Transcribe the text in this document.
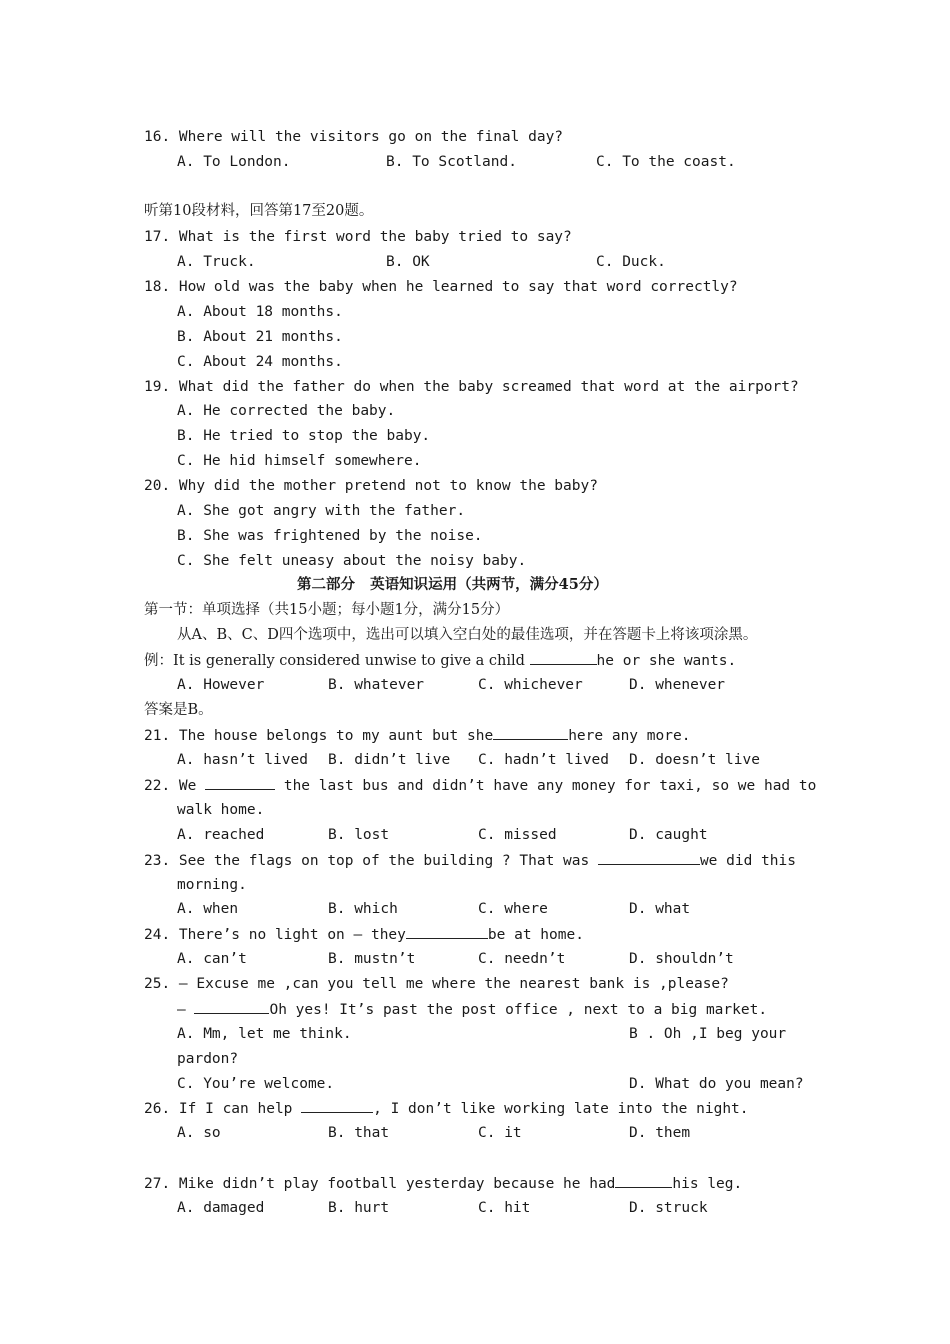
16. Where will the visitors go on the final day?
A. To London.	B. To Scotland.	C. To the coast.
听第10段材料，回答第17至20题。
17. What is the first word the baby tried to say?
A. Truck.	B. OK	C. Duck.
18. How old was the baby when he learned to say that word correctly?
A. About 18 months.
B. About 21 months.
C. About 24 months.
19. What did the father do when the baby screamed that word at the airport?
A. He corrected the baby.
B. He tried to stop the baby.
C. He hid himself somewhere.
20. Why did the mother pretend not to know the baby?
A. She got angry with the father.
B. She was frightened by the noise.
C. She felt uneasy about the noisy baby.
第二部分   英语知识运用（共两节，满分45分）
第一节：单项选择（共15小题；每小题1分，满分15分）
从A、B、C、D四个选项中，选出可以填入空白处的最佳选项，并在答题卡上将该项涂黑。
例：It is generally considered unwise to give a child	he or she wants.
A. However	B. whatever	C. whichever	D. whenever
答案是B。
21. The house belongs to my aunt but she	here any more.
A. hasn’t lived B. didn’t live C. hadn’t lived D. doesn’t live
22. We	the last bus and didn’t have any money for taxi, so we had to
walk home.
A. reached	B. lost	C. missed	D. caught
23. See the flags on top of the building ? That was	we did this
morning.
A. when	B. which	C. where	D. what
24. There’s no light on — they	be at home.
A. can’t	B. mustn’t	C. needn’t	D. shouldn’t
25. — Excuse me ,can you tell me where the nearest bank is ,please?
—	Oh yes! It’s past the post office , next to a big market.
A. Mm, let me think.	B . Oh ,I beg your
pardon?
C. You’re welcome.	D. What do you mean?
26. If I can help	, I don’t like working late into the night.
A. so	B. that	C. it	D. them
27. Mike didn’t play football yesterday because he had	his leg.
A. damaged	B. hurt	C. hit	D. struck
